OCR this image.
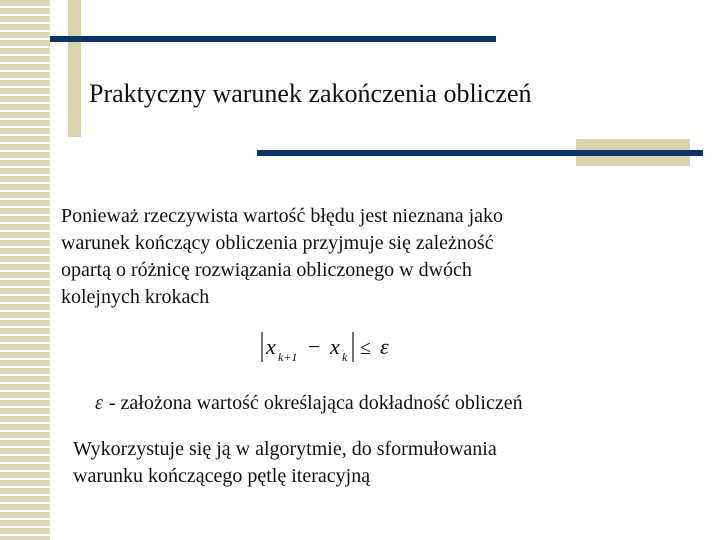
Praktyczny warunek zakończenia obliczeń
Ponieważ rzeczywista wartość błędu jest nieznana jako
warunek kończący obliczenia przyjmuje się zależność
opartą o różnicę rozwiązania obliczonego w dwóch
kolejnych krokach
x k+1 − x k ≤ ε
ε - założona wartość określająca dokładność obliczeń
Wykorzystuje się ją w algorytmie, do sformułowania
warunku kończącego pętlę iteracyjną
